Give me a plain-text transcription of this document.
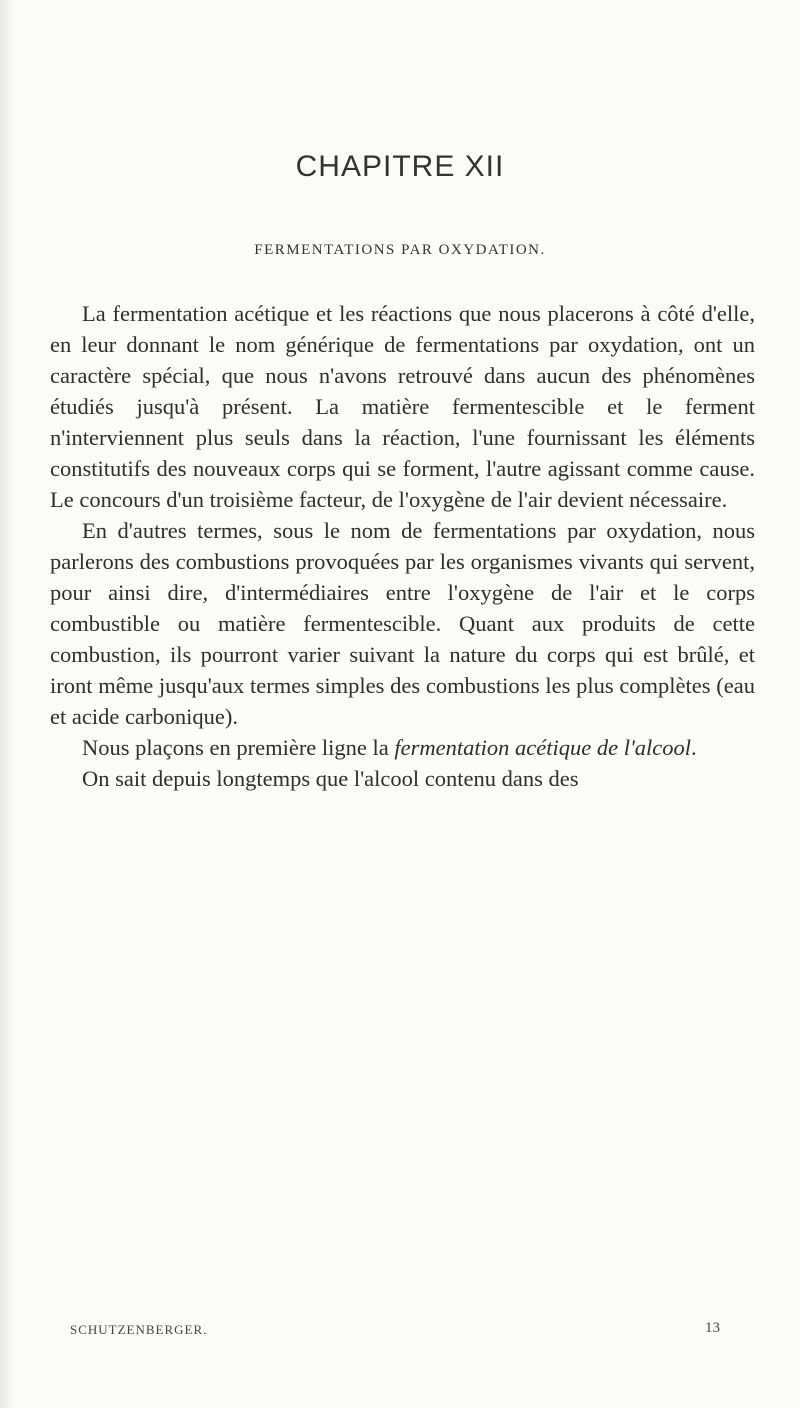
CHAPITRE XII
FERMENTATIONS PAR OXYDATION.

La fermentation acétique et les réactions que nous placerons à côté d'elle, en leur donnant le nom générique de fermentations par oxydation, ont un caractère spécial, que nous n'avons retrouvé dans aucun des phénomènes étudiés jusqu'à présent. La matière fermentescible et le ferment n'interviennent plus seuls dans la réaction, l'une fournissant les éléments constitutifs des nouveaux corps qui se forment, l'autre agissant comme cause. Le concours d'un troisième facteur, de l'oxygène de l'air devient nécessaire.

En d'autres termes, sous le nom de fermentations par oxydation, nous parlerons des combustions provoquées par les organismes vivants qui servent, pour ainsi dire, d'intermédiaires entre l'oxygène de l'air et le corps combustible ou matière fermentescible. Quant aux produits de cette combustion, ils pourront varier suivant la nature du corps qui est brûlé, et iront même jusqu'aux termes simples des combustions les plus complètes (eau et acide carbonique).

Nous plaçons en première ligne la fermentation acétique de l'alcool.

On sait depuis longtemps que l'alcool contenu dans des

SCHUTZENBERGER.	13
